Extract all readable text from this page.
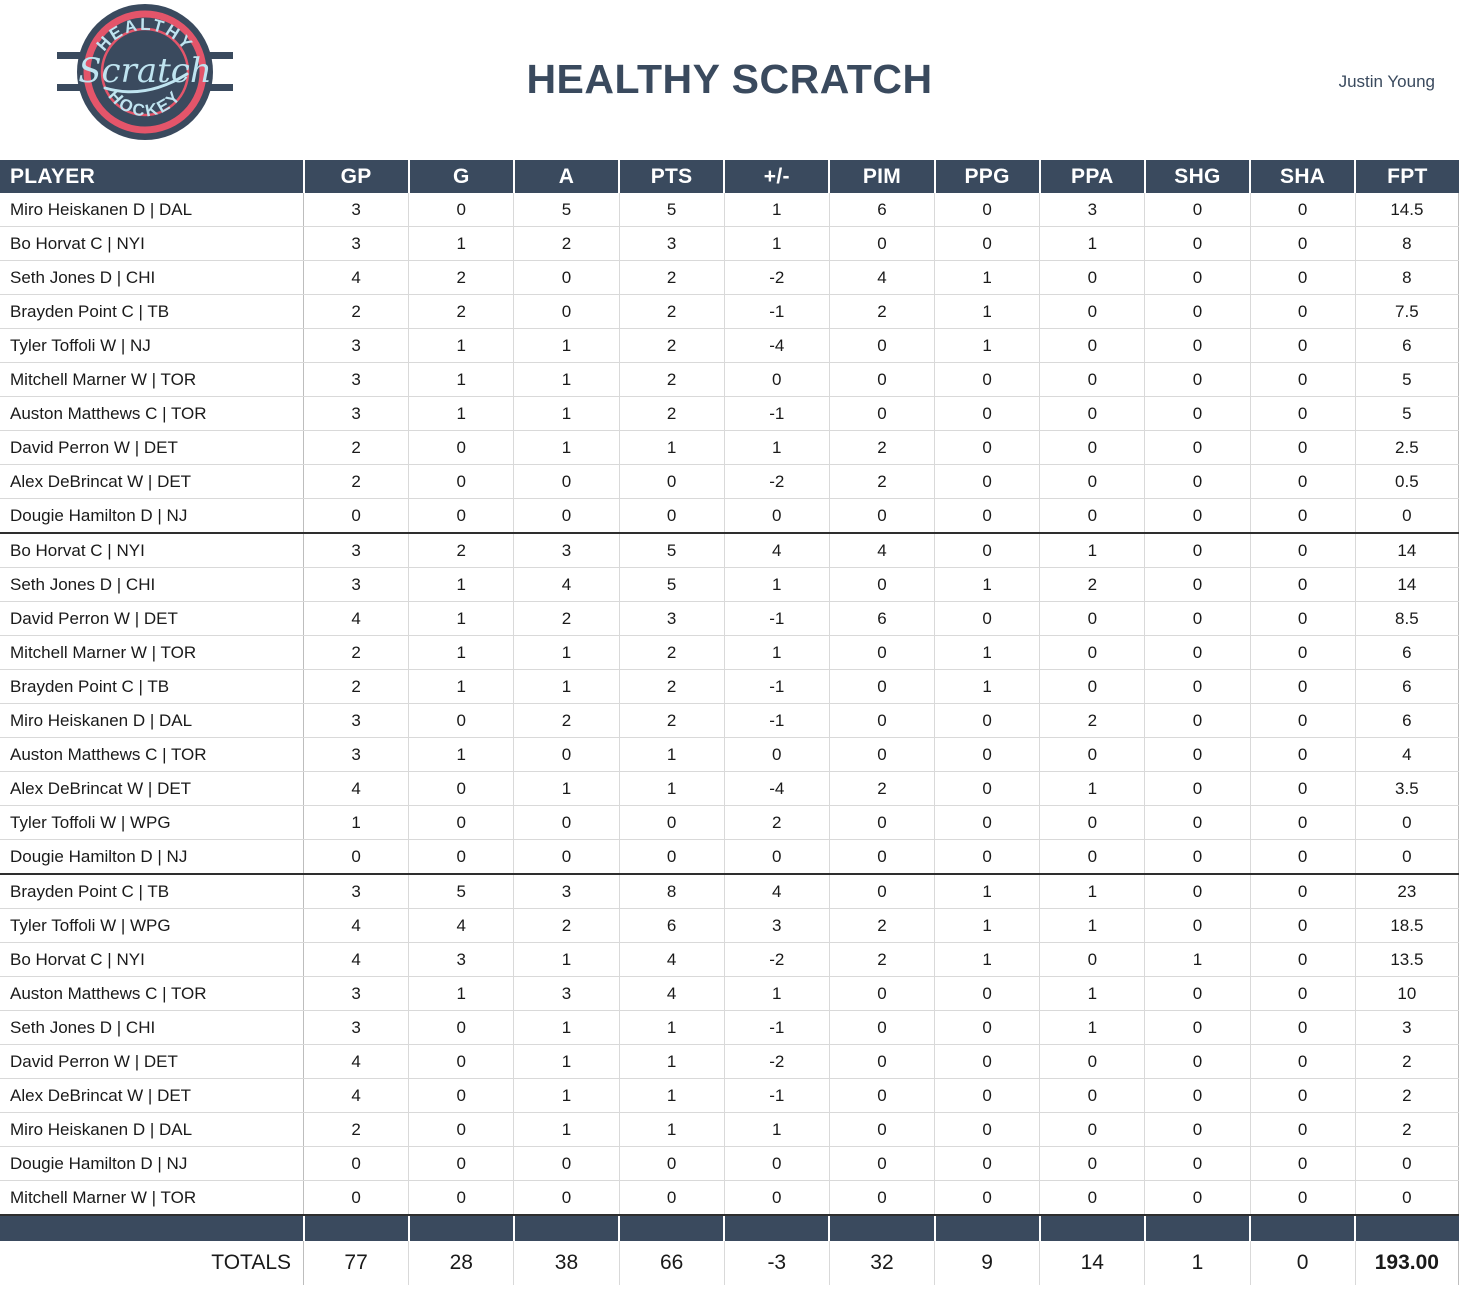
HEALTHY
HOCKEY
Scratch	HEALTHY SCRATCH	Justin Young
PLAYER	GP	G	A	PTS	+/-	PIM	PPG	PPA	SHG	SHA	FPT
Miro Heiskanen D | DAL	3	0	5	5	1	6	0	3	0	0	14.5
Bo Horvat C | NYI	3	1	2	3	1	0	0	1	0	0	8
Seth Jones D | CHI	4	2	0	2	-2	4	1	0	0	0	8
Brayden Point C | TB	2	2	0	2	-1	2	1	0	0	0	7.5
Tyler Toffoli W | NJ	3	1	1	2	-4	0	1	0	0	0	6
Mitchell Marner W | TOR	3	1	1	2	0	0	0	0	0	0	5
Auston Matthews C | TOR	3	1	1	2	-1	0	0	0	0	0	5
David Perron W | DET	2	0	1	1	1	2	0	0	0	0	2.5
Alex DeBrincat W | DET	2	0	0	0	-2	2	0	0	0	0	0.5
Dougie Hamilton D | NJ	0	0	0	0	0	0	0	0	0	0	0
Bo Horvat C | NYI	3	2	3	5	4	4	0	1	0	0	14
Seth Jones D | CHI	3	1	4	5	1	0	1	2	0	0	14
David Perron W | DET	4	1	2	3	-1	6	0	0	0	0	8.5
Mitchell Marner W | TOR	2	1	1	2	1	0	1	0	0	0	6
Brayden Point C | TB	2	1	1	2	-1	0	1	0	0	0	6
Miro Heiskanen D | DAL	3	0	2	2	-1	0	0	2	0	0	6
Auston Matthews C | TOR	3	1	0	1	0	0	0	0	0	0	4
Alex DeBrincat W | DET	4	0	1	1	-4	2	0	1	0	0	3.5
Tyler Toffoli W | WPG	1	0	0	0	2	0	0	0	0	0	0
Dougie Hamilton D | NJ	0	0	0	0	0	0	0	0	0	0	0
Brayden Point C | TB	3	5	3	8	4	0	1	1	0	0	23
Tyler Toffoli W | WPG	4	4	2	6	3	2	1	1	0	0	18.5
Bo Horvat C | NYI	4	3	1	4	-2	2	1	0	1	0	13.5
Auston Matthews C | TOR	3	1	3	4	1	0	0	1	0	0	10
Seth Jones D | CHI	3	0	1	1	-1	0	0	1	0	0	3
David Perron W | DET	4	0	1	1	-2	0	0	0	0	0	2
Alex DeBrincat W | DET	4	0	1	1	-1	0	0	0	0	0	2
Miro Heiskanen D | DAL	2	0	1	1	1	0	0	0	0	0	2
Dougie Hamilton D | NJ	0	0	0	0	0	0	0	0	0	0	0
Mitchell Marner W | TOR	0	0	0	0	0	0	0	0	0	0	0

TOTALS	77	28	38	66	-3	32	9	14	1	0	193.00
